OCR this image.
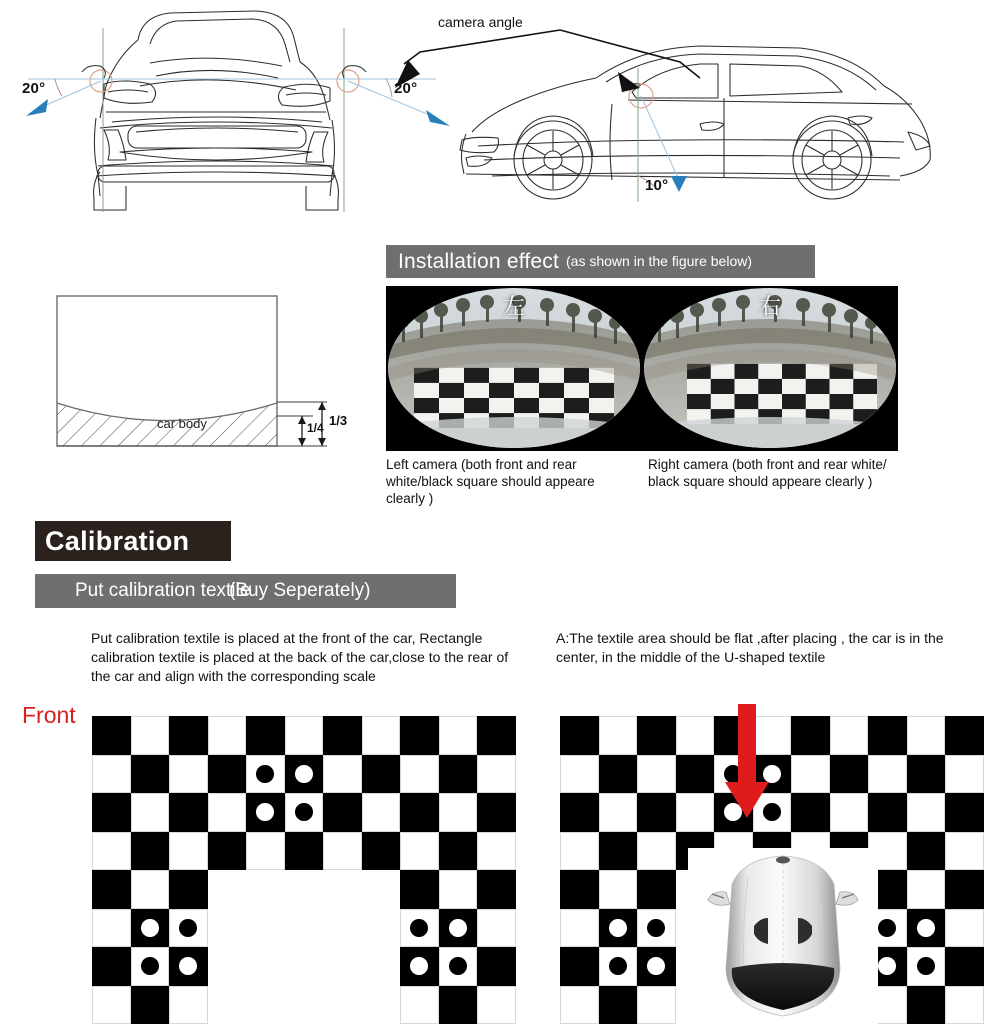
20°	20°
10°
camera angle
Installation effect (as shown in the figure below)
car body	1/3
1/4
左	右
Left camera (both front and rear white/black square should appeare clearly )
Right camera (both front and rear white/ black square should appeare clearly )
Calibration
Put calibration textile
(Buy Seperately)
Put calibration textile is placed at the front of the car, Rectangle calibration textile is placed at the back of the car,close to the rear of the car and align with the corresponding scale
A:The textile area should be flat ,after placing , the car is in the center, in the middle of the U-shaped textile
Front
